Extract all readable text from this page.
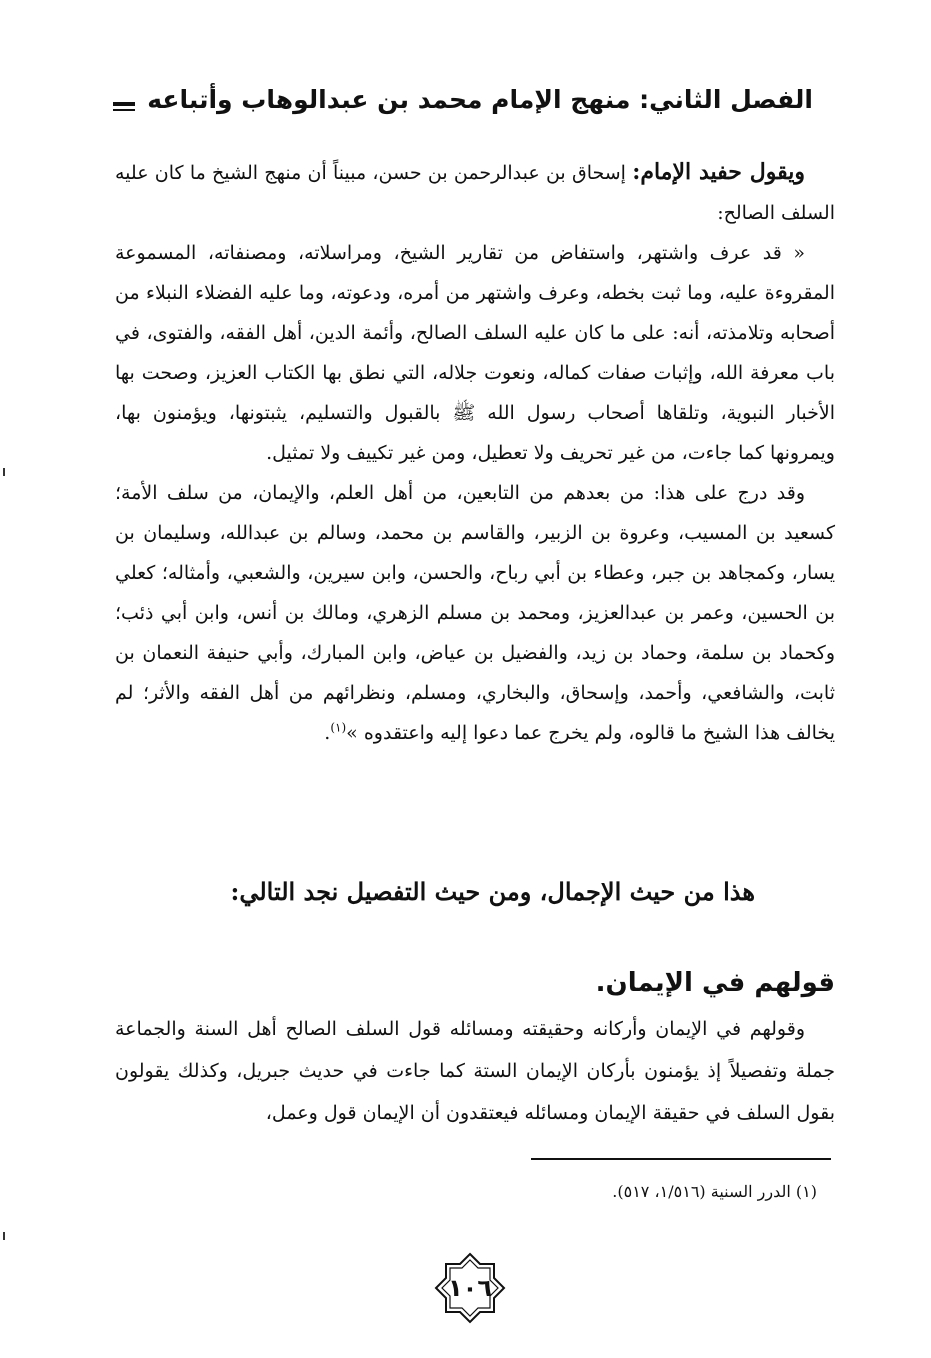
الفصل الثاني: منهج الإمام محمد بن عبدالوهاب وأتباعه

ويقول حفيد الإمام: إسحاق بن عبدالرحمن بن حسن، مبيناً أن منهج الشيخ ما كان عليه السلف الصالح:

« قد عرف واشتهر، واستفاض من تقارير الشيخ، ومراسلاته، ومصنفاته، المسموعة المقروءة عليه، وما ثبت بخطه، وعرف واشتهر من أمره، ودعوته، وما عليه الفضلاء النبلاء من أصحابه وتلامذته، أنه: على ما كان عليه السلف الصالح، وأئمة الدين، أهل الفقه، والفتوى، في باب معرفة الله، وإثبات صفات كماله، ونعوت جلاله، التي نطق بها الكتاب العزيز، وصحت بها الأخبار النبوية، وتلقاها أصحاب رسول الله ﷺ بالقبول والتسليم، يثبتونها، ويؤمنون بها، ويمرونها كما جاءت، من غير تحريف ولا تعطيل، ومن غير تكييف ولا تمثيل.

وقد درج على هذا: من بعدهم من التابعين، من أهل العلم، والإيمان، من سلف الأمة؛ كسعيد بن المسيب، وعروة بن الزبير، والقاسم بن محمد، وسالم بن عبدالله، وسليمان بن يسار، وكمجاهد بن جبر، وعطاء بن أبي رباح، والحسن، وابن سيرين، والشعبي، وأمثاله؛ كعلي بن الحسين، وعمر بن عبدالعزيز، ومحمد بن مسلم الزهري، ومالك بن أنس، وابن أبي ذئب؛ وكحماد بن سلمة، وحماد بن زيد، والفضيل بن عياض، وابن المبارك، وأبي حنيفة النعمان بن ثابت، والشافعي، وأحمد، وإسحاق، والبخاري، ومسلم، ونظرائهم من أهل الفقه والأثر؛ لم يخالف هذا الشيخ ما قالوه، ولم يخرج عما دعوا إليه واعتقدوه »$^{(١)}$.

هذا من حيث الإجمال، ومن حيث التفصيل نجد التالي:
قولهم في الإيمان.

وقولهم في الإيمان وأركانه وحقيقته ومسائله قول السلف الصالح أهل السنة والجماعة جملة وتفصيلاً إذ يؤمنون بأركان الإيمان الستة كما جاءت في حديث جبريل، وكذلك يقولون بقول السلف في حقيقة الإيمان ومسائله فيعتقدون أن الإيمان قول وعمل،

(١) الدرر السنية (١/٥١٦، ٥١٧).
١٠٦
